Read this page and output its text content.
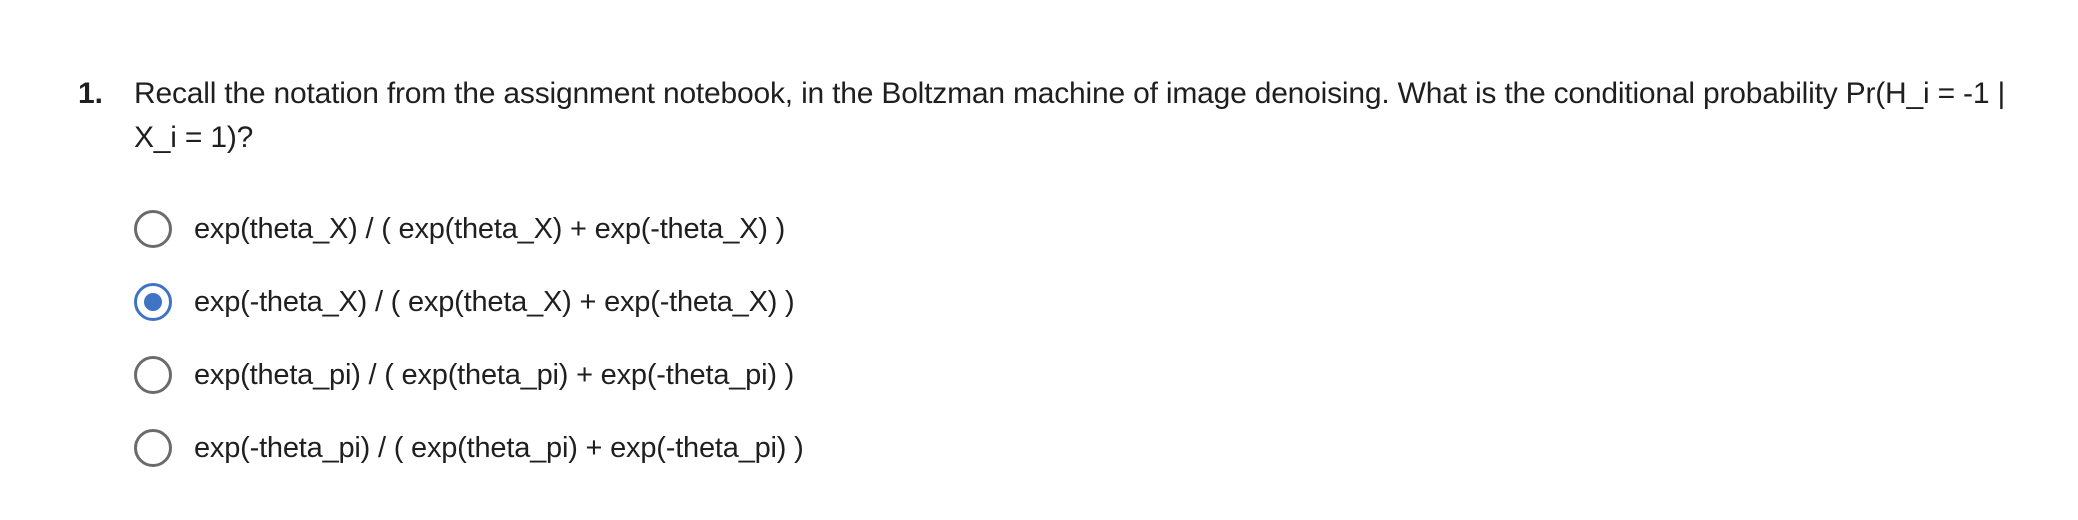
1. Recall the notation from the assignment notebook, in the Boltzman machine of image denoising. What is the conditional probability Pr(H_i = -1 | X_i = 1)?
exp(theta_X) / ( exp(theta_X) + exp(-theta_X) )
exp(-theta_X) / ( exp(theta_X) + exp(-theta_X) )
exp(theta_pi) / ( exp(theta_pi) + exp(-theta_pi) )
exp(-theta_pi) / ( exp(theta_pi) + exp(-theta_pi) )
